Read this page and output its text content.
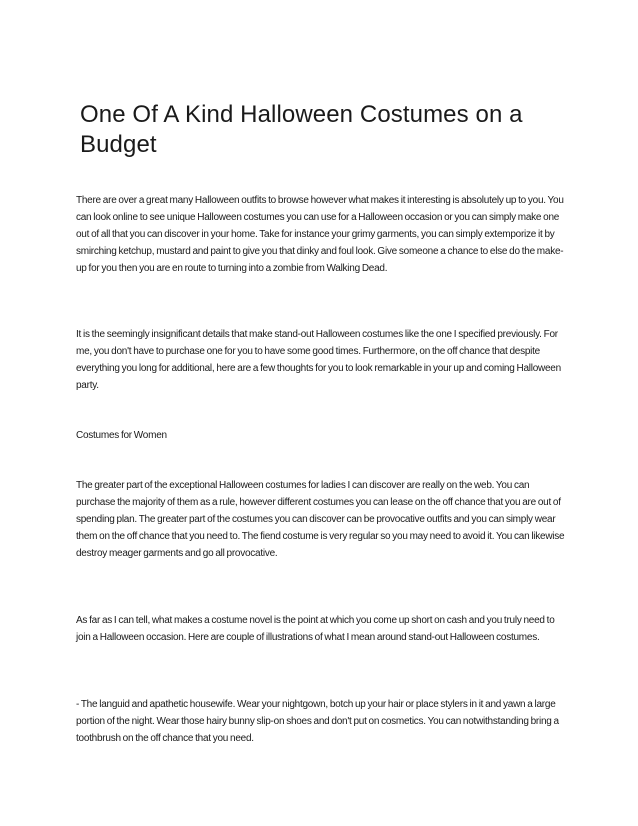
One Of A Kind Halloween Costumes on a Budget

There are over a great many Halloween outfits to browse however what makes it interesting is absolutely up to you. You can look online to see unique Halloween costumes you can use for a Halloween occasion or you can simply make one out of all that you can discover in your home. Take for instance your grimy garments, you can simply extemporize it by smirching ketchup, mustard and paint to give you that dinky and foul look. Give someone a chance to else do the make-up for you then you are en route to turning into a zombie from Walking Dead.

It is the seemingly insignificant details that make stand-out Halloween costumes like the one I specified previously. For me, you don't have to purchase one for you to have some good times. Furthermore, on the off chance that despite everything you long for additional, here are a few thoughts for you to look remarkable in your up and coming Halloween party.

Costumes for Women

The greater part of the exceptional Halloween costumes for ladies I can discover are really on the web. You can purchase the majority of them as a rule, however different costumes you can lease on the off chance that you are out of spending plan. The greater part of the costumes you can discover can be provocative outfits and you can simply wear them on the off chance that you need to. The fiend costume is very regular so you may need to avoid it. You can likewise destroy meager garments and go all provocative.

As far as I can tell, what makes a costume novel is the point at which you come up short on cash and you truly need to join a Halloween occasion. Here are couple of illustrations of what I mean around stand-out Halloween costumes.

- The languid and apathetic housewife. Wear your nightgown, botch up your hair or place stylers in it and yawn a large portion of the night. Wear those hairy bunny slip-on shoes and don't put on cosmetics. You can notwithstanding bring a toothbrush on the off chance that you need.
